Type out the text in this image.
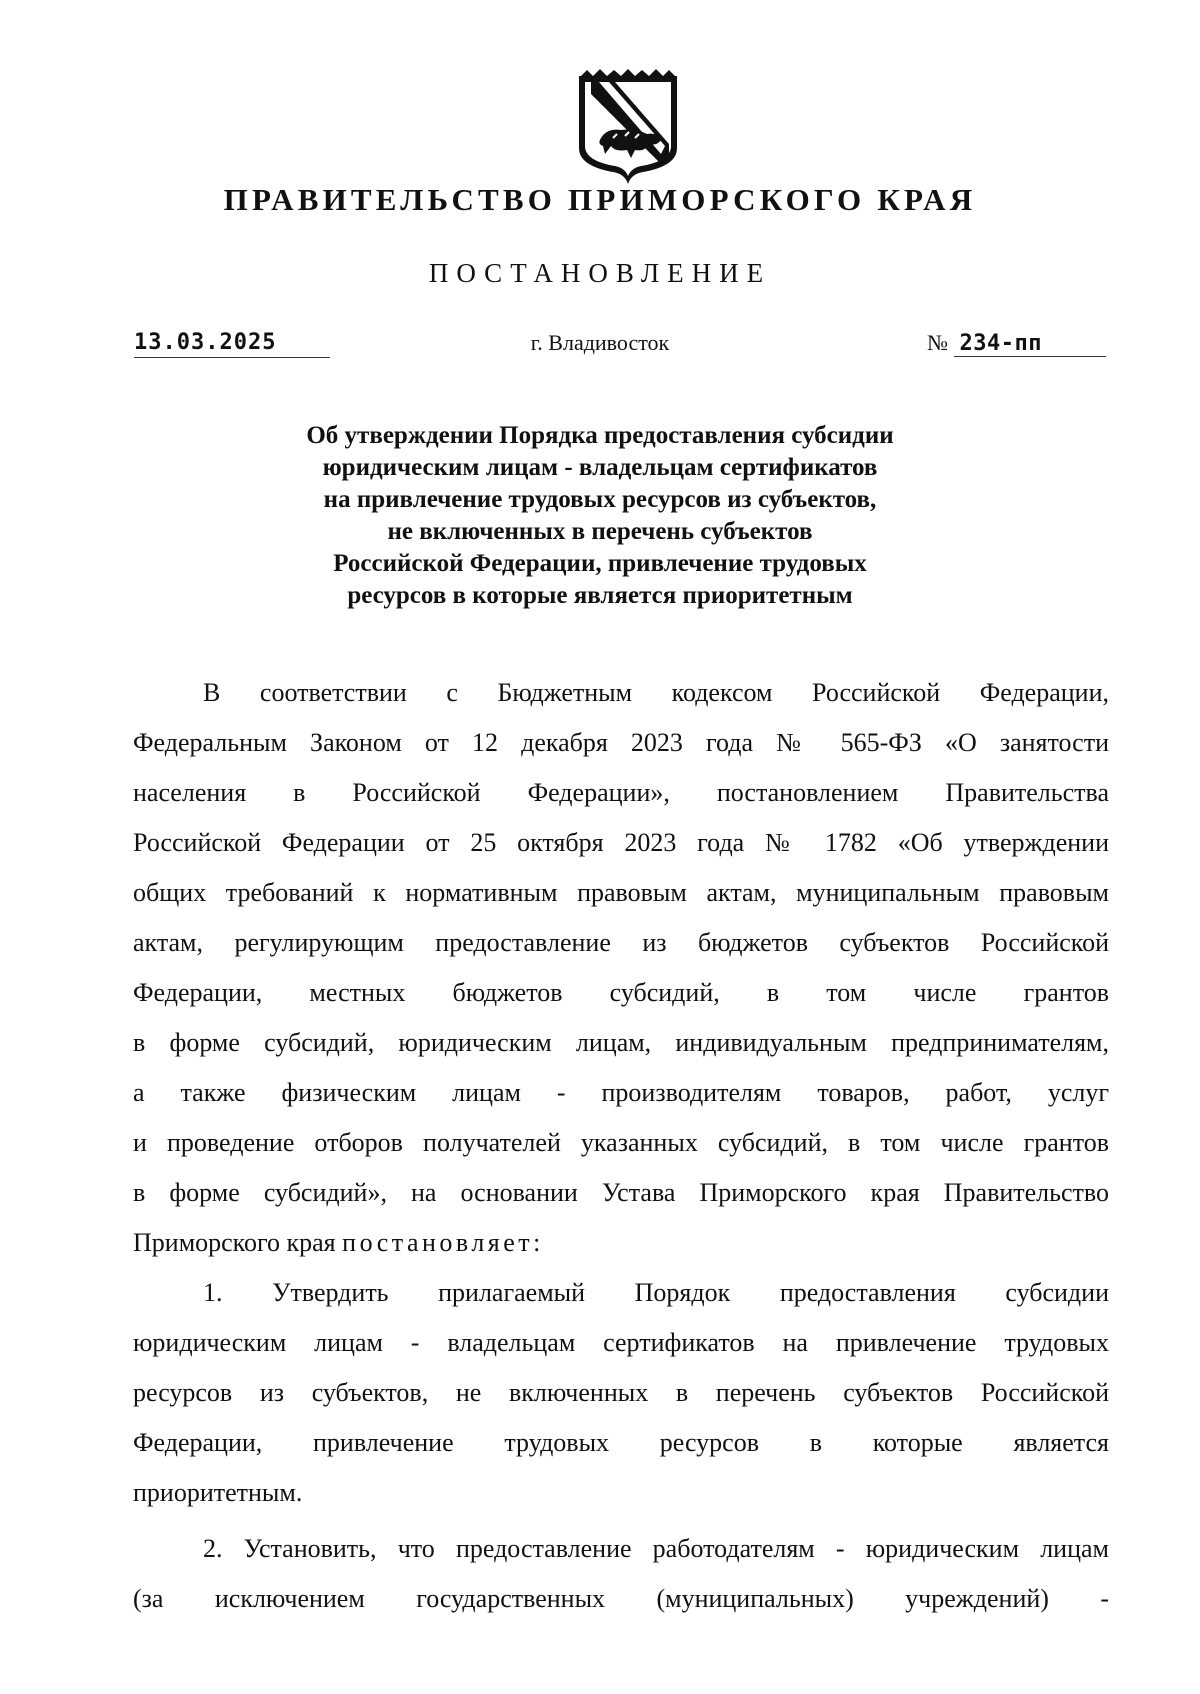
ПРАВИТЕЛЬСТВО ПРИМОРСКОГО КРАЯ
ПОСТАНОВЛЕНИЕ
13.03.2025	г. Владивосток	№ 234-пп
Об утверждении Порядка предоставления субсидии
юридическим лицам - владельцам сертификатов
на привлечение трудовых ресурсов из субъектов,
не включенных в перечень субъектов
Российской Федерации, привлечение трудовых
ресурсов в которые является приоритетным
В соответствии с Бюджетным кодексом Российской Федерации,
Федеральным Законом от 12 декабря 2023 года № 565-ФЗ «О занятости
населения в Российской Федерации», постановлением Правительства
Российской Федерации от 25 октября 2023 года № 1782 «Об утверждении
общих требований к нормативным правовым актам, муниципальным правовым
актам, регулирующим предоставление из бюджетов субъектов Российской
Федерации, местных бюджетов субсидий, в том числе грантов
в форме субсидий, юридическим лицам, индивидуальным предпринимателям,
а также физическим лицам - производителям товаров, работ, услуг
и проведение отборов получателей указанных субсидий, в том числе грантов
в форме субсидий», на основании Устава Приморского края Правительство
Приморского края постановляет:
1. Утвердить прилагаемый Порядок предоставления субсидии
юридическим лицам - владельцам сертификатов на привлечение трудовых
ресурсов из субъектов, не включенных в перечень субъектов Российской
Федерации, привлечение трудовых ресурсов в которые является
приоритетным.
2. Установить, что предоставление работодателям - юридическим лицам
(за исключением государственных (муниципальных) учреждений) -
